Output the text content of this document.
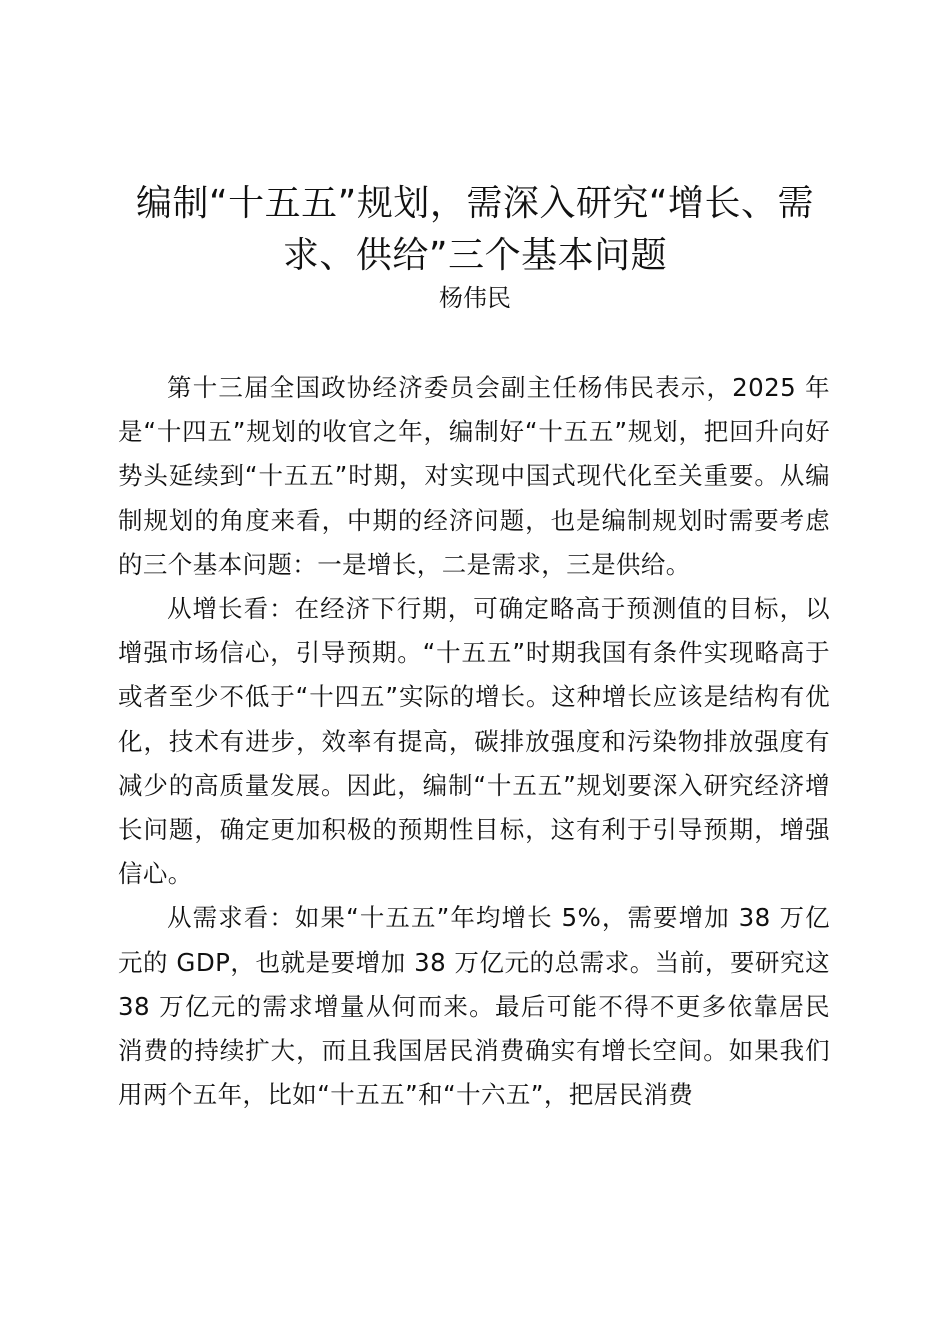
编制“十五五”规划，需深入研究“增长、需
求、供给”三个基本问题
杨伟民

第十三届全国政协经济委员会副主任杨伟民表示，2025 年是“十四五”规划的收官之年，编制好“十五五”规划，把回升向好势头延续到“十五五”时期，对实现中国式现代化至关重要。从编制规划的角度来看，中期的经济问题，也是编制规划时需要考虑的三个基本问题：一是增长，二是需求，三是供给。

从增长看：在经济下行期，可确定略高于预测值的目标，以增强市场信心，引导预期。“十五五”时期我国有条件实现略高于或者至少不低于“十四五”实际的增长。这种增长应该是结构有优化，技术有进步，效率有提高，碳排放强度和污染物排放强度有减少的高质量发展。因此，编制“十五五”规划要深入研究经济增长问题，确定更加积极的预期性目标，这有利于引导预期，增强信心。

从需求看：如果“十五五”年均增长 5%，需要增加 38 万亿元的 GDP，也就是要增加 38 万亿元的总需求。当前，要研究这 38 万亿元的需求增量从何而来。最后可能不得不更多依靠居民消费的持续扩大，而且我国居民消费确实有增长空间。如果我们用两个五年，比如“十五五”和“十六五”，把居民消费
